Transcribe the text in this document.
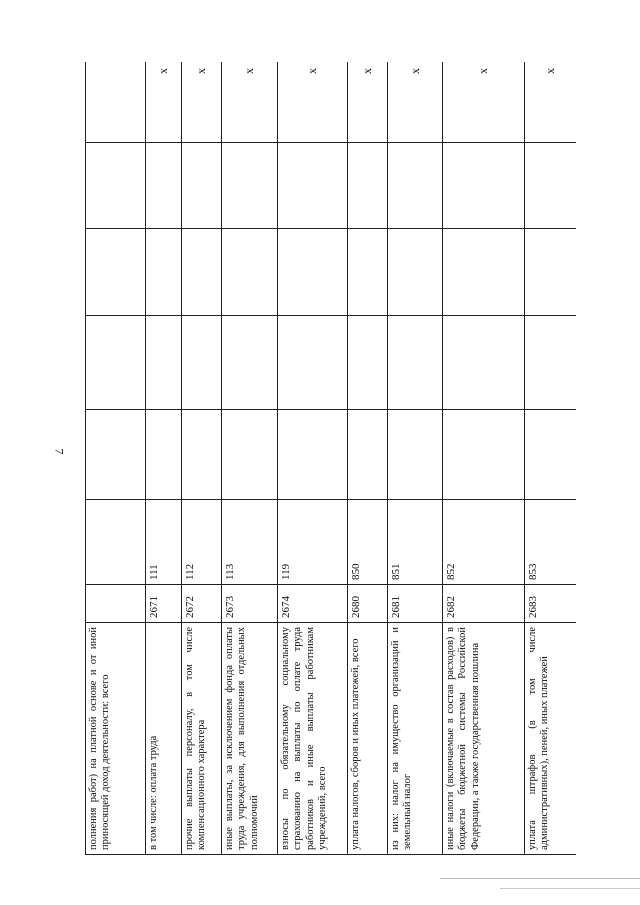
7
полнения работ) на платной основе и от иной приносящей доход деятельности: всего							
в том числе: оплата труда	2671	111					x
прочие выплаты персоналу, в том числе компенсационного характера	2672	112					x
иные выплаты, за исключением фонда оплаты труда учреждения, для выполнения отдельных полномочий	2673	113					x
взносы по обязательному социальному страхованию на выплаты по оплате труда работников и иные выплаты работникам учреждений, всего	2674	119					x
уплата налогов, сборов и иных платежей, всего	2680	850					x
из них: налог на имущество организаций и земельный налог	2681	851					x
иные налоги (включаемые в состав расходов) в бюджеты бюджетной системы Российской Федерации, а также государственная пошлина	2682	852					x
уплата штрафов (в том числе административных), пеней, иных платежей	2683	853					x
